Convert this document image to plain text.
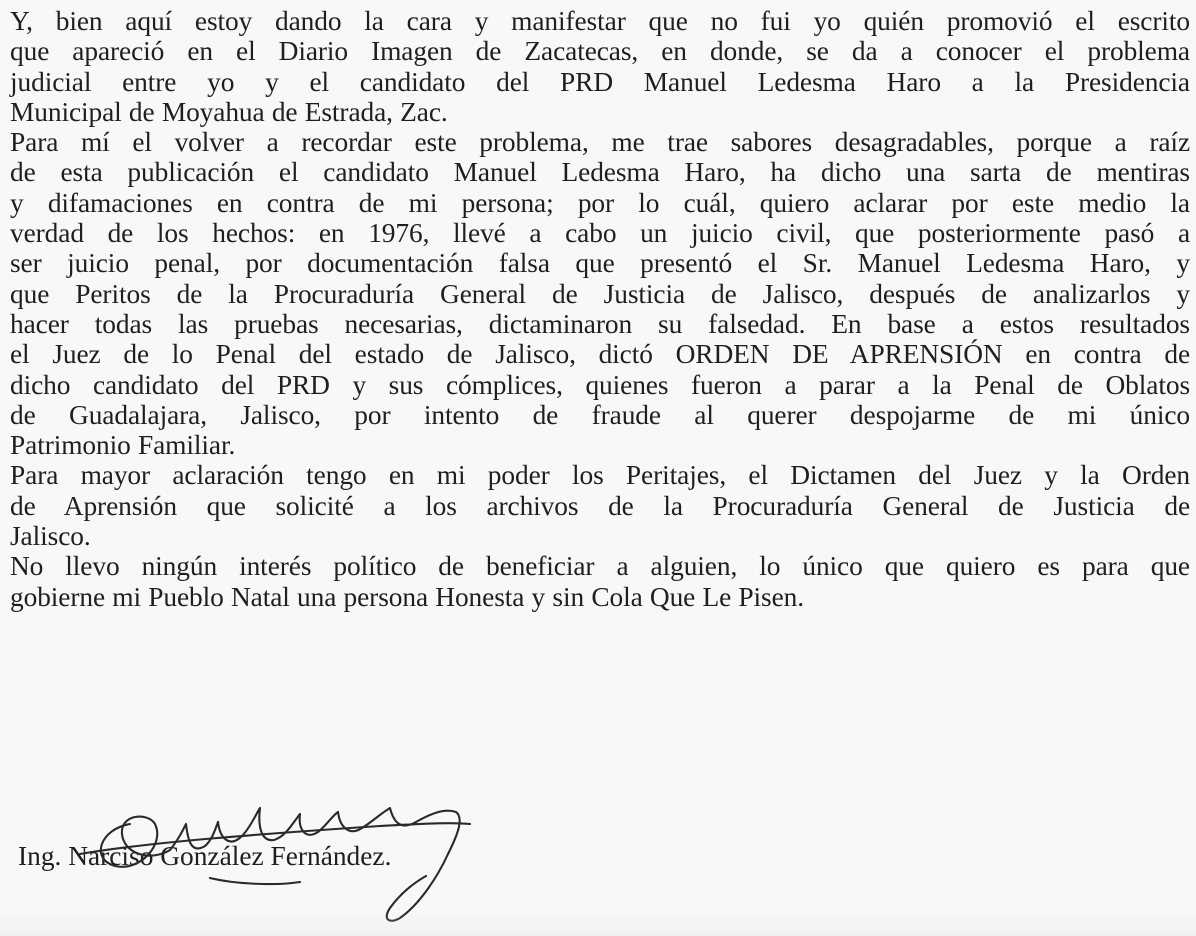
Y, bien aquí estoy dando la cara y manifestar que no fui yo quién promovió el escrito
que apareció en el Diario Imagen de Zacatecas, en donde, se da a conocer el problema
judicial entre yo y el candidato del PRD Manuel Ledesma Haro a la Presidencia
Municipal de Moyahua de Estrada, Zac.

Para mí el volver a recordar este problema, me trae sabores desagradables, porque a raíz
de esta publicación el candidato Manuel Ledesma Haro, ha dicho una sarta de mentiras
y difamaciones en contra de mi persona; por lo cuál, quiero aclarar por este medio la
verdad de los hechos: en 1976, llevé a cabo un juicio civil, que posteriormente pasó a
ser juicio penal, por documentación falsa que presentó el Sr. Manuel Ledesma Haro, y
que Peritos de la Procuraduría General de Justicia de Jalisco, después de analizarlos y
hacer todas las pruebas necesarias, dictaminaron su falsedad. En base a estos resultados
el Juez de lo Penal del estado de Jalisco, dictó ORDEN DE APRENSIÓN en contra de
dicho candidato del PRD y sus cómplices, quienes fueron a parar a la Penal de Oblatos
de Guadalajara, Jalisco, por intento de fraude al querer despojarme de mi único
Patrimonio Familiar.

Para mayor aclaración tengo en mi poder los Peritajes, el Dictamen del Juez y la Orden
de Aprensión que solicité a los archivos de la Procuraduría General de Justicia de
Jalisco.

No llevo ningún interés político de beneficiar a alguien, lo único que quiero es para que
gobierne mi Pueblo Natal una persona Honesta y sin Cola Que Le Pisen.

Ing. Narciso González Fernández.
